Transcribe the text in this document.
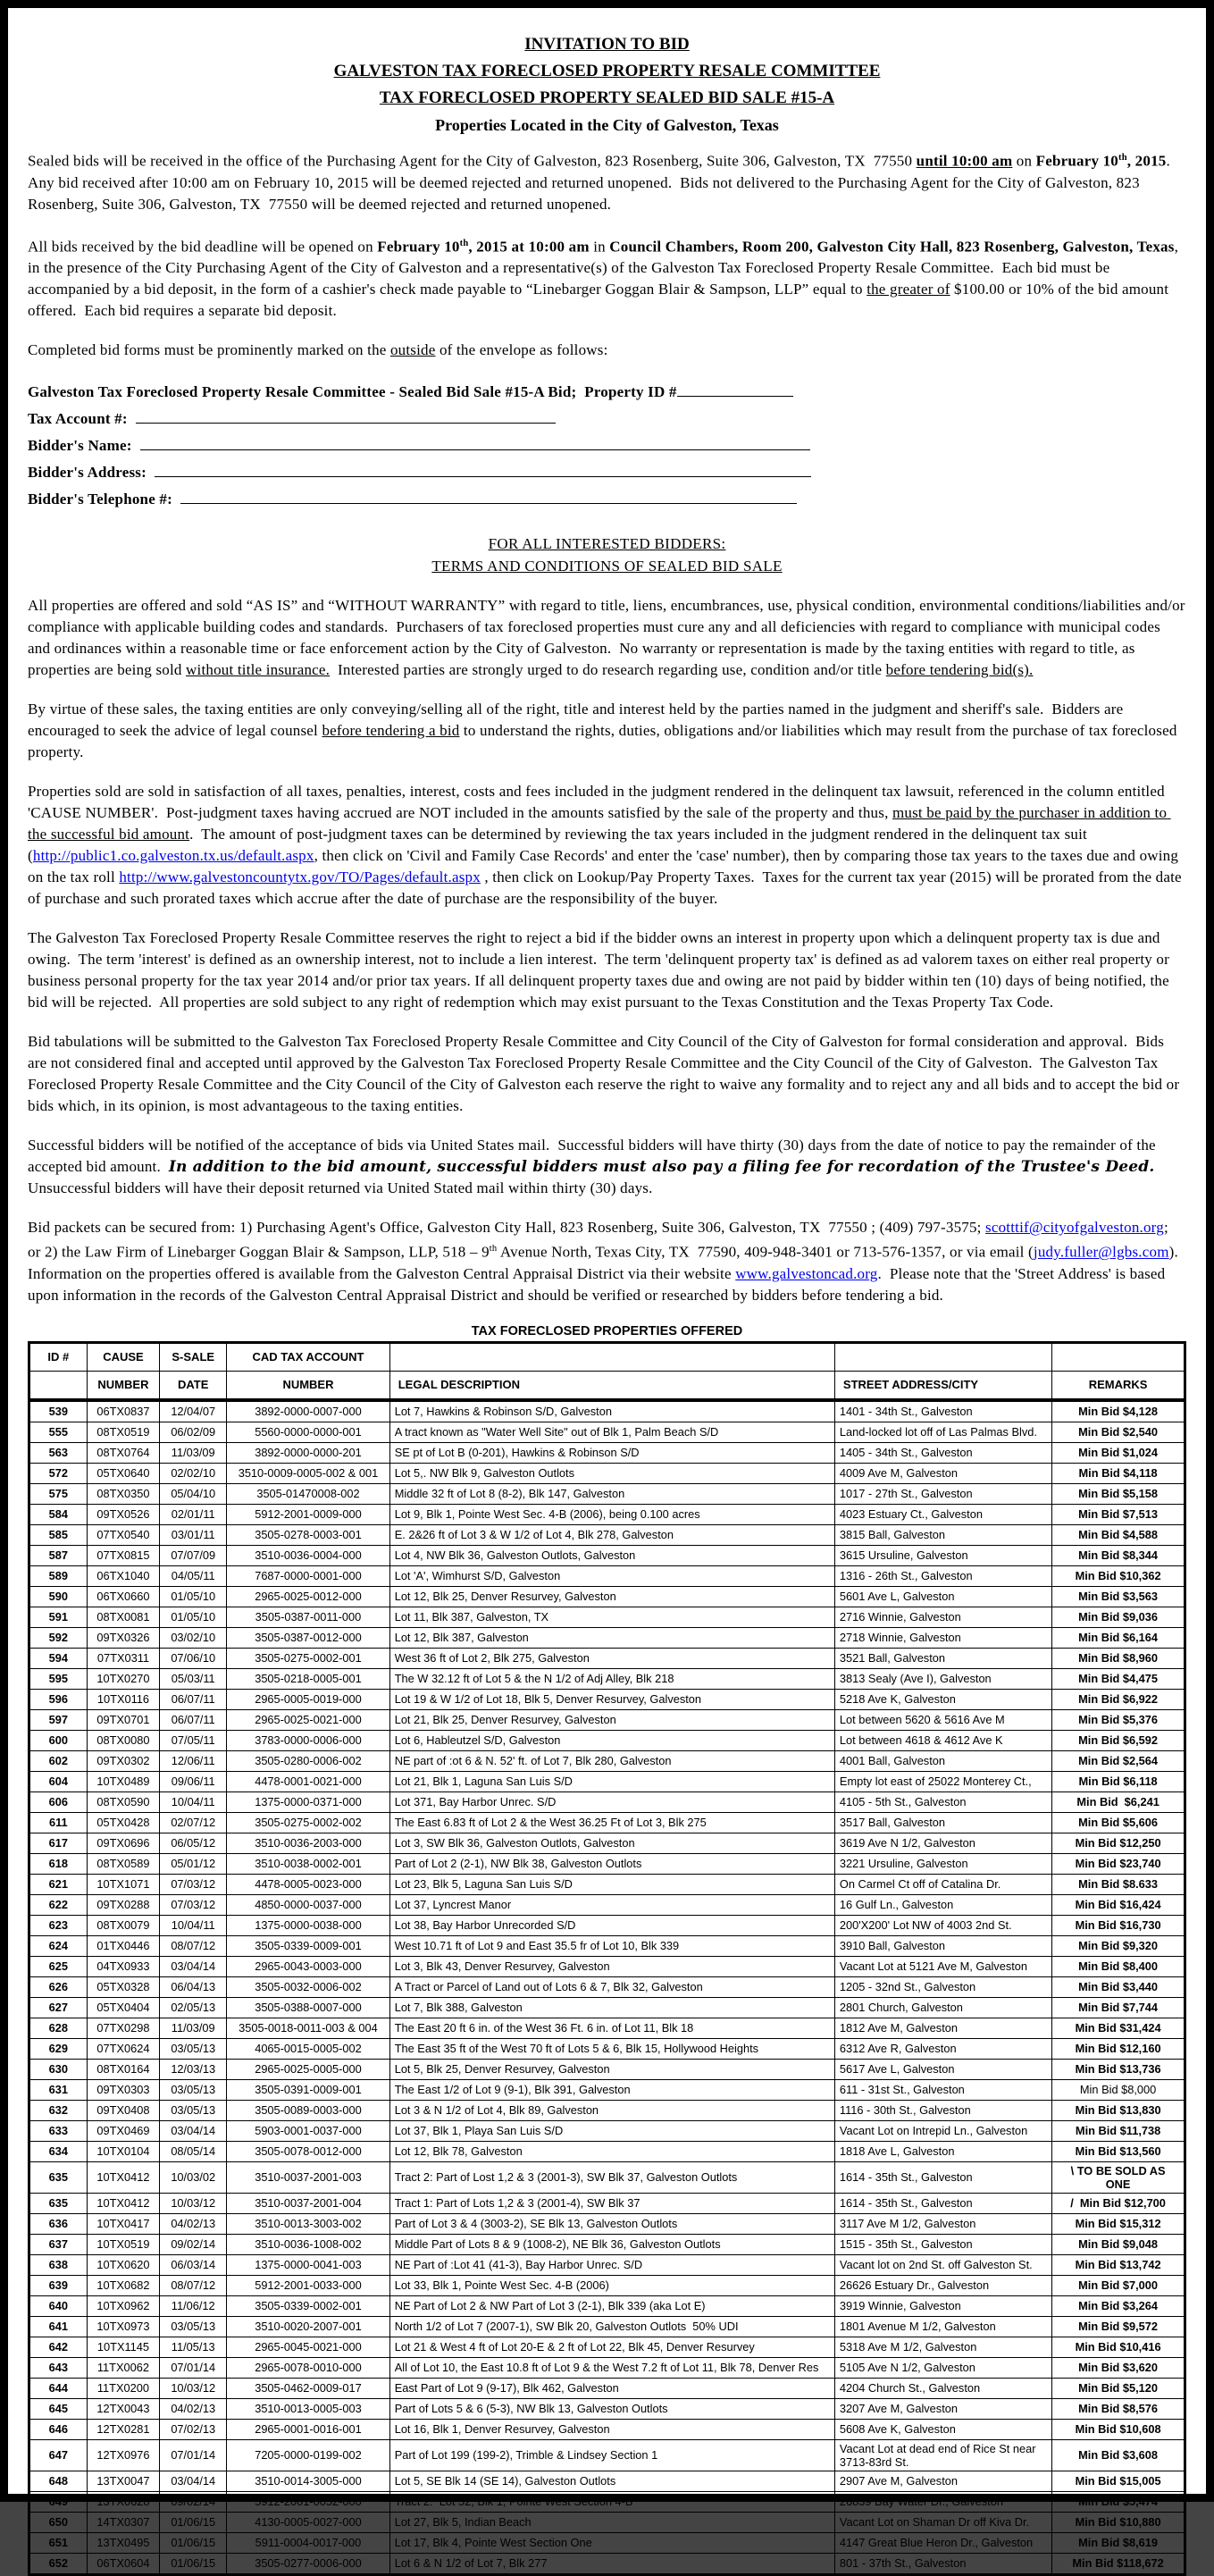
INVITATION TO BID
GALVESTON TAX FORECLOSED PROPERTY RESALE COMMITTEE
TAX FORECLOSED PROPERTY SEALED BID SALE #15-A
Properties Located in the City of Galveston, Texas

Sealed bids will be received in the office of the Purchasing Agent for the City of Galveston, 823 Rosenberg, Suite 306, Galveston, TX  77550 until 10:00 am on February 10th, 2015.  Any bid received after 10:00 am on February 10, 2015 will be deemed rejected and returned unopened.  Bids not delivered to the Purchasing Agent for the City of Galveston, 823 Rosenberg, Suite 306, Galveston, TX  77550 will be deemed rejected and returned unopened.

All bids received by the bid deadline will be opened on February 10th, 2015 at 10:00 am in Council Chambers, Room 200, Galveston City Hall, 823 Rosenberg, Galveston, Texas, in the presence of the City Purchasing Agent of the City of Galveston and a representative(s) of the Galveston Tax Foreclosed Property Resale Committee.  Each bid must be accompanied by a bid deposit, in the form of a cashier's check made payable to “Linebarger Goggan Blair & Sampson, LLP” equal to the greater of $100.00 or 10% of the bid amount offered.  Each bid requires a separate bid deposit.

Completed bid forms must be prominently marked on the outside of the envelope as follows:

Galveston Tax Foreclosed Property Resale Committee - Sealed Bid Sale #15-A Bid;  Property ID #

Tax Account #:

Bidder's Name:

Bidder's Address:

Bidder's Telephone #:

FOR ALL INTERESTED BIDDERS:
TERMS AND CONDITIONS OF SEALED BID SALE

All properties are offered and sold “AS IS” and “WITHOUT WARRANTY” with regard to title, liens, encumbrances, use, physical condition, environmental conditions/liabilities and/or compliance with applicable building codes and standards.  Purchasers of tax foreclosed properties must cure any and all deficiencies with regard to compliance with municipal codes and ordinances within a reasonable time or face enforcement action by the City of Galveston.  No warranty or representation is made by the taxing entities with regard to title, as properties are being sold without title insurance.  Interested parties are strongly urged to do research regarding use, condition and/or title before tendering bid(s).

By virtue of these sales, the taxing entities are only conveying/selling all of the right, title and interest held by the parties named in the judgment and sheriff's sale.  Bidders are encouraged to seek the advice of legal counsel before tendering a bid to understand the rights, duties, obligations and/or liabilities which may result from the purchase of tax foreclosed property.

Properties sold are sold in satisfaction of all taxes, penalties, interest, costs and fees included in the judgment rendered in the delinquent tax lawsuit, referenced in the column entitled 'CAUSE NUMBER'.  Post-judgment taxes having accrued are NOT included in the amounts satisfied by the sale of the property and thus, must be paid by the purchaser in addition to the successful bid amount.  The amount of post-judgment taxes can be determined by reviewing the tax years included in the judgment rendered in the delinquent tax suit (http://public1.co.galveston.tx.us/default.aspx, then click on 'Civil and Family Case Records' and enter the 'case' number), then by comparing those tax years to the taxes due and owing on the tax roll http://www.galvestoncountytx.gov/TO/Pages/default.aspx , then click on Lookup/Pay Property Taxes.  Taxes for the current tax year (2015) will be prorated from the date of purchase and such prorated taxes which accrue after the date of purchase are the responsibility of the buyer.

The Galveston Tax Foreclosed Property Resale Committee reserves the right to reject a bid if the bidder owns an interest in property upon which a delinquent property tax is due and owing.  The term 'interest' is defined as an ownership interest, not to include a lien interest.  The term 'delinquent property tax' is defined as ad valorem taxes on either real property or business personal property for the tax year 2014 and/or prior tax years. If all delinquent property taxes due and owing are not paid by bidder within ten (10) days of being notified, the bid will be rejected.  All properties are sold subject to any right of redemption which may exist pursuant to the Texas Constitution and the Texas Property Tax Code.

Bid tabulations will be submitted to the Galveston Tax Foreclosed Property Resale Committee and City Council of the City of Galveston for formal consideration and approval.  Bids are not considered final and accepted until approved by the Galveston Tax Foreclosed Property Resale Committee and the City Council of the City of Galveston.  The Galveston Tax Foreclosed Property Resale Committee and the City Council of the City of Galveston each reserve the right to waive any formality and to reject any and all bids and to accept the bid or bids which, in its opinion, is most advantageous to the taxing entities.

Successful bidders will be notified of the acceptance of bids via United States mail.  Successful bidders will have thirty (30) days from the date of notice to pay the remainder of the accepted bid amount.  In addition to the bid amount, successful bidders must also pay a filing fee for recordation of the Trustee's Deed.  Unsuccessful bidders will have their deposit returned via United Stated mail within thirty (30) days.

Bid packets can be secured from: 1) Purchasing Agent's Office, Galveston City Hall, 823 Rosenberg, Suite 306, Galveston, TX  77550 ; (409) 797-3575; scotttif@cityofgalveston.org;  or 2) the Law Firm of Linebarger Goggan Blair & Sampson, LLP, 518 – 9th Avenue North, Texas City, TX  77590, 409-948-3401 or 713-576-1357, or via email (judy.fuller@lgbs.com).  Information on the properties offered is available from the Galveston Central Appraisal District via their website www.galvestoncad.org.  Please note that the 'Street Address' is based upon information in the records of the Galveston Central Appraisal District and should be verified or researched by bidders before tendering a bid.

TAX FORECLOSED PROPERTIES OFFERED
ID #	CAUSE	S-SALE	CAD TAX ACCOUNT			
	NUMBER	DATE	NUMBER	LEGAL DESCRIPTION	STREET ADDRESS/CITY	REMARKS
539	06TX0837	12/04/07	3892-0000-0007-000	Lot 7, Hawkins & Robinson S/D, Galveston	1401 - 34th St., Galveston	Min Bid $4,128
555	08TX0519	06/02/09	5560-0000-0000-001	A tract known as "Water Well Site" out of Blk 1, Palm Beach S/D	Land-locked lot off of Las Palmas Blvd.	Min Bid $2,540
563	08TX0764	11/03/09	3892-0000-0000-201	SE pt of Lot B (0-201), Hawkins & Robinson S/D	1405 - 34th St., Galveston	Min Bid $1,024
572	05TX0640	02/02/10	3510-0009-0005-002 & 001	Lot 5,. NW Blk 9, Galveston Outlots	4009 Ave M, Galveston	Min Bid $4,118
575	08TX0350	05/04/10	3505-01470008-002	Middle 32 ft of Lot 8 (8-2), Blk 147, Galveston	1017 - 27th St., Galveston	Min Bid $5,158
584	09TX0526	02/01/11	5912-2001-0009-000	Lot 9, Blk 1, Pointe West Sec. 4-B (2006), being 0.100 acres	4023 Estuary Ct., Galveston	Min Bid $7,513
585	07TX0540	03/01/11	3505-0278-0003-001	E. 2&26 ft of Lot 3 & W 1/2 of Lot 4, Blk 278, Galveston	3815 Ball, Galveston	Min Bid $4,588
587	07TX0815	07/07/09	3510-0036-0004-000	Lot 4, NW Blk 36, Galveston Outlots, Galveston	3615 Ursuline, Galveston	Min Bid $8,344
589	06TX1040	04/05/11	7687-0000-0001-000	Lot 'A', Wimhurst S/D, Galveston	1316 - 26th St., Galveston	Min Bid $10,362
590	06TX0660	01/05/10	2965-0025-0012-000	Lot 12, Blk 25, Denver Resurvey, Galveston	5601 Ave L, Galveston	Min Bid $3,563
591	08TX0081	01/05/10	3505-0387-0011-000	Lot 11, Blk 387, Galveston, TX	2716 Winnie, Galveston	Min Bid $9,036
592	09TX0326	03/02/10	3505-0387-0012-000	Lot 12, Blk 387, Galveston	2718 Winnie, Galveston	Min Bid $6,164
594	07TX0311	07/06/10	3505-0275-0002-001	West 36 ft of Lot 2, Blk 275, Galveston	3521 Ball, Galveston	Min Bid $8,960
595	10TX0270	05/03/11	3505-0218-0005-001	The W 32.12 ft of Lot 5 & the N 1/2 of Adj Alley, Blk 218	3813 Sealy (Ave I), Galveston	Min Bid $4,475
596	10TX0116	06/07/11	2965-0005-0019-000	Lot 19 & W 1/2 of Lot 18, Blk 5, Denver Resurvey, Galveston	5218 Ave K, Galveston	Min Bid $6,922
597	09TX0701	06/07/11	2965-0025-0021-000	Lot 21, Blk 25, Denver Resurvey, Galveston	Lot between 5620 & 5616 Ave M	Min Bid $5,376
600	08TX0080	07/05/11	3783-0000-0006-000	Lot 6, Hableutzel S/D, Galveston	Lot between 4618 & 4612 Ave K	Min Bid $6,592
602	09TX0302	12/06/11	3505-0280-0006-002	NE part of :ot 6 & N. 52' ft. of Lot 7, Blk 280, Galveston	4001 Ball, Galveston	Min Bid $2,564
604	10TX0489	09/06/11	4478-0001-0021-000	Lot 21, Blk 1, Laguna San Luis S/D	Empty lot east of 25022 Monterey Ct.,	Min Bid $6,118
606	08TX0590	10/04/11	1375-0000-0371-000	Lot 371, Bay Harbor Unrec. S/D	4105 - 5th St., Galveston	Min Bid  $6,241
611	05TX0428	02/07/12	3505-0275-0002-002	The East 6.83 ft of Lot 2 & the West 36.25 Ft of Lot 3, Blk 275	3517 Ball, Galveston	Min Bid $5,606
617	09TX0696	06/05/12	3510-0036-2003-000	Lot 3, SW Blk 36, Galveston Outlots, Galveston	3619 Ave N 1/2, Galveston	Min Bid $12,250
618	08TX0589	05/01/12	3510-0038-0002-001	Part of Lot 2 (2-1), NW Blk 38, Galveston Outlots	3221 Ursuline, Galveston	Min Bid $23,740
621	10TX1071	07/03/12	4478-0005-0023-000	Lot 23, Blk 5, Laguna San Luis S/D	On Carmel Ct off of Catalina Dr.	Min Bid $8.633
622	09TX0288	07/03/12	4850-0000-0037-000	Lot 37, Lyncrest Manor	16 Gulf Ln., Galveston	Min Bid $16,424
623	08TX0079	10/04/11	1375-0000-0038-000	Lot 38, Bay Harbor Unrecorded S/D	200'X200' Lot NW of 4003 2nd St.	Min Bid $16,730
624	01TX0446	08/07/12	3505-0339-0009-001	West 10.71 ft of Lot 9 and East 35.5 fr of Lot 10, Blk 339	3910 Ball, Galveston	Min Bid $9,320
625	04TX0933	03/04/14	2965-0043-0003-000	Lot 3, Blk 43, Denver Resurvey, Galveston	Vacant Lot at 5121 Ave M, Galveston	Min Bid $8,400
626	05TX0328	06/04/13	3505-0032-0006-002	A Tract or Parcel of Land out of Lots 6 & 7, Blk 32, Galveston	1205 - 32nd St., Galveston	Min Bid $3,440
627	05TX0404	02/05/13	3505-0388-0007-000	Lot 7, Blk 388, Galveston	2801 Church, Galveston	Min Bid $7,744
628	07TX0298	11/03/09	3505-0018-0011-003 & 004	The East 20 ft 6 in. of the West 36 Ft. 6 in. of Lot 11, Blk 18	1812 Ave M, Galveston	Min Bid $31,424
629	07TX0624	03/05/13	4065-0015-0005-002	The East 35 ft of the West 70 ft of Lots 5 & 6, Blk 15, Hollywood Heights	6312 Ave R, Galveston	Min Bid $12,160
630	08TX0164	12/03/13	2965-0025-0005-000	Lot 5, Blk 25, Denver Resurvey, Galveston	5617 Ave L, Galveston	Min Bid $13,736
631	09TX0303	03/05/13	3505-0391-0009-001	The East 1/2 of Lot 9 (9-1), Blk 391, Galveston	611 - 31st St., Galveston	Min Bid $8,000
632	09TX0408	03/05/13	3505-0089-0003-000	Lot 3 & N 1/2 of Lot 4, Blk 89, Galveston	1116 - 30th St., Galveston	Min Bid $13,830
633	09TX0469	03/04/14	5903-0001-0037-000	Lot 37, Blk 1, Playa San Luis S/D	Vacant Lot on Intrepid Ln., Galveston	Min Bid $11,738
634	10TX0104	08/05/14	3505-0078-0012-000	Lot 12, Blk 78, Galveston	1818 Ave L, Galveston	Min Bid $13,560
635	10TX0412	10/03/02	3510-0037-2001-003	Tract 2: Part of Lost 1,2 & 3 (2001-3), SW Blk 37, Galveston Outlots	1614 - 35th St., Galveston	\ TO BE SOLD AS ONE
635	10TX0412	10/03/12	3510-0037-2001-004	Tract 1: Part of Lots 1,2 & 3 (2001-4), SW Blk 37	1614 - 35th St., Galveston	/  Min Bid $12,700
636	10TX0417	04/02/13	3510-0013-3003-002	Part of Lot 3 & 4 (3003-2), SE Blk 13, Galveston Outlots	3117 Ave M 1/2, Galveston	Min Bid $15,312
637	10TX0519	09/02/14	3510-0036-1008-002	Middle Part of Lots 8 & 9 (1008-2), NE Blk 36, Galveston Outlots	1515 - 35th St., Galveston	Min Bid $9,048
638	10TX0620	06/03/14	1375-0000-0041-003	NE Part of :Lot 41 (41-3), Bay Harbor Unrec. S/D	Vacant lot on 2nd St. off Galveston St.	Min Bid $13,742
639	10TX0682	08/07/12	5912-2001-0033-000	Lot 33, Blk 1, Pointe West Sec. 4-B (2006)	26626 Estuary Dr., Galveston	Min Bid $7,000
640	10TX0962	11/06/12	3505-0339-0002-001	NE Part of Lot 2 & NW Part of Lot 3 (2-1), Blk 339 (aka Lot E)	3919 Winnie, Galveston	Min Bid $3,264
641	10TX0973	03/05/13	3510-0020-2007-001	North 1/2 of Lot 7 (2007-1), SW Blk 20, Galveston Outlots  50% UDI	1801 Avenue M 1/2, Galveston	Min Bid $9,572
642	10TX1145	11/05/13	2965-0045-0021-000	Lot 21 & West 4 ft of Lot 20-E & 2 ft of Lot 22, Blk 45, Denver Resurvey	5318 Ave M 1/2, Galveston	Min Bid $10,416
643	11TX0062	07/01/14	2965-0078-0010-000	All of Lot 10, the East 10.8 ft of Lot 9 & the West 7.2 ft of Lot 11, Blk 78, Denver Res	5105 Ave N 1/2, Galveston	Min Bid $3,620
644	11TX0200	10/03/12	3505-0462-0009-017	East Part of Lot 9 (9-17), Blk 462, Galveston	4204 Church St., Galveston	Min Bid $5,120
645	12TX0043	04/02/13	3510-0013-0005-003	Part of Lots 5 & 6 (5-3), NW Blk 13, Galveston Outlots	3207 Ave M, Galveston	Min Bid $8,576
646	12TX0281	07/02/13	2965-0001-0016-001	Lot 16, Blk 1, Denver Resurvey, Galveston	5608 Ave K, Galveston	Min Bid $10,608
647	12TX0976	07/01/14	7205-0000-0199-002	Part of Lot 199 (199-2), Trimble & Lindsey Section 1	Vacant Lot at dead end of Rice St near 3713-83rd St.	Min Bid $3,608
648	13TX0047	03/04/14	3510-0014-3005-000	Lot 5, SE Blk 14 (SE 14), Galveston Outlots	2907 Ave M, Galveston	Min Bid $15,005
649	13TX0628	09/02/14	5912-2001-0052-000	Tract 2:  Lot 52, Blk 1, Pointe West Section 4-B	26839 Bay Water Dr., Galveston	Min Bid $5,474
650	14TX0307	01/06/15	4130-0005-0027-000	Lot 27, Blk 5, Indian Beach	Vacant Lot on Shaman Dr off Kiva Dr.	Min Bid $10,880
651	13TX0495	01/06/15	5911-0004-0017-000	Lot 17, Blk 4, Pointe West Section One	4147 Great Blue Heron Dr., Galveston	Min Bid $8,619
652	06TX0604	01/06/15	3505-0277-0006-000	Lot 6 & N 1/2 of Lot 7, Blk 277	801 - 37th St., Galveston	Min Bid $118,672
